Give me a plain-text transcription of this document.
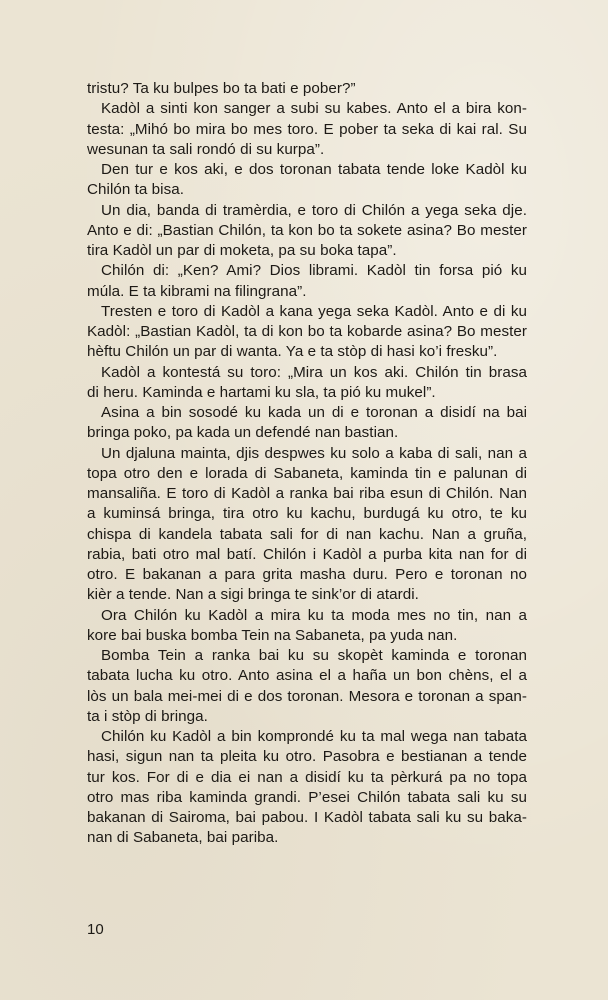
tristu? Ta ku bulpes bo ta bati e pober?”
Kadòl a sinti kon sanger a subi su kabes. Anto el a bira kon-
testa: „Mihó bo mira bo mes toro. E pober ta seka di kai ral. Su
wesunan ta sali rondó di su kurpa”.
Den tur e kos aki, e dos toronan tabata tende loke Kadòl ku
Chilón ta bisa.
Un dia, banda di tramèrdia, e toro di Chilón a yega seka dje.
Anto e di: „Bastian Chilón, ta kon bo ta sokete asina? Bo mester
tira Kadòl un par di moketa, pa su boka tapa”.
Chilón di: „Ken? Ami? Dios librami. Kadòl tin forsa pió ku
múla. E ta kibrami na filingrana”.
Tresten e toro di Kadòl a kana yega seka Kadòl. Anto e di ku
Kadòl: „Bastian Kadòl, ta di kon bo ta kobarde asina? Bo mester
hèftu Chilón un par di wanta. Ya e ta stòp di hasi ko’i fresku”.
Kadòl a kontestá su toro: „Mira un kos aki. Chilón tin brasa
di heru. Kaminda e hartami ku sla, ta pió ku mukel”.
Asina a bin sosodé ku kada un di e toronan a disidí na bai
bringa poko, pa kada un defendé nan bastian.
Un djaluna mainta, djis despwes ku solo a kaba di sali, nan a
topa otro den e lorada di Sabaneta, kaminda tin e palunan di
mansaliña. E toro di Kadòl a ranka bai riba esun di Chilón. Nan
a kuminsá bringa, tira otro ku kachu, burdugá ku otro, te ku
chispa di kandela tabata sali for di nan kachu. Nan a gruña,
rabia, bati otro mal batí. Chilón i Kadòl a purba kita nan for di
otro. E bakanan a para grita masha duru. Pero e toronan no
kièr a tende. Nan a sigi bringa te sink’or di atardi.
Ora Chilón ku Kadòl a mira ku ta moda mes no tin, nan a
kore bai buska bomba Tein na Sabaneta, pa yuda nan.
Bomba Tein a ranka bai ku su skopèt kaminda e toronan
tabata lucha ku otro. Anto asina el a haña un bon chèns, el a
lòs un bala mei-mei di e dos toronan. Mesora e toronan a span-
ta i stòp di bringa.
Chilón ku Kadòl a bin komprondé ku ta mal wega nan tabata
hasi, sigun nan ta pleita ku otro. Pasobra e bestianan a tende
tur kos. For di e dia ei nan a disidí ku ta pèrkurá pa no topa
otro mas riba kaminda grandi. P’esei Chilón tabata sali ku su
bakanan di Sairoma, bai pabou. I Kadòl tabata sali ku su baka-
nan di Sabaneta, bai pariba.
10
